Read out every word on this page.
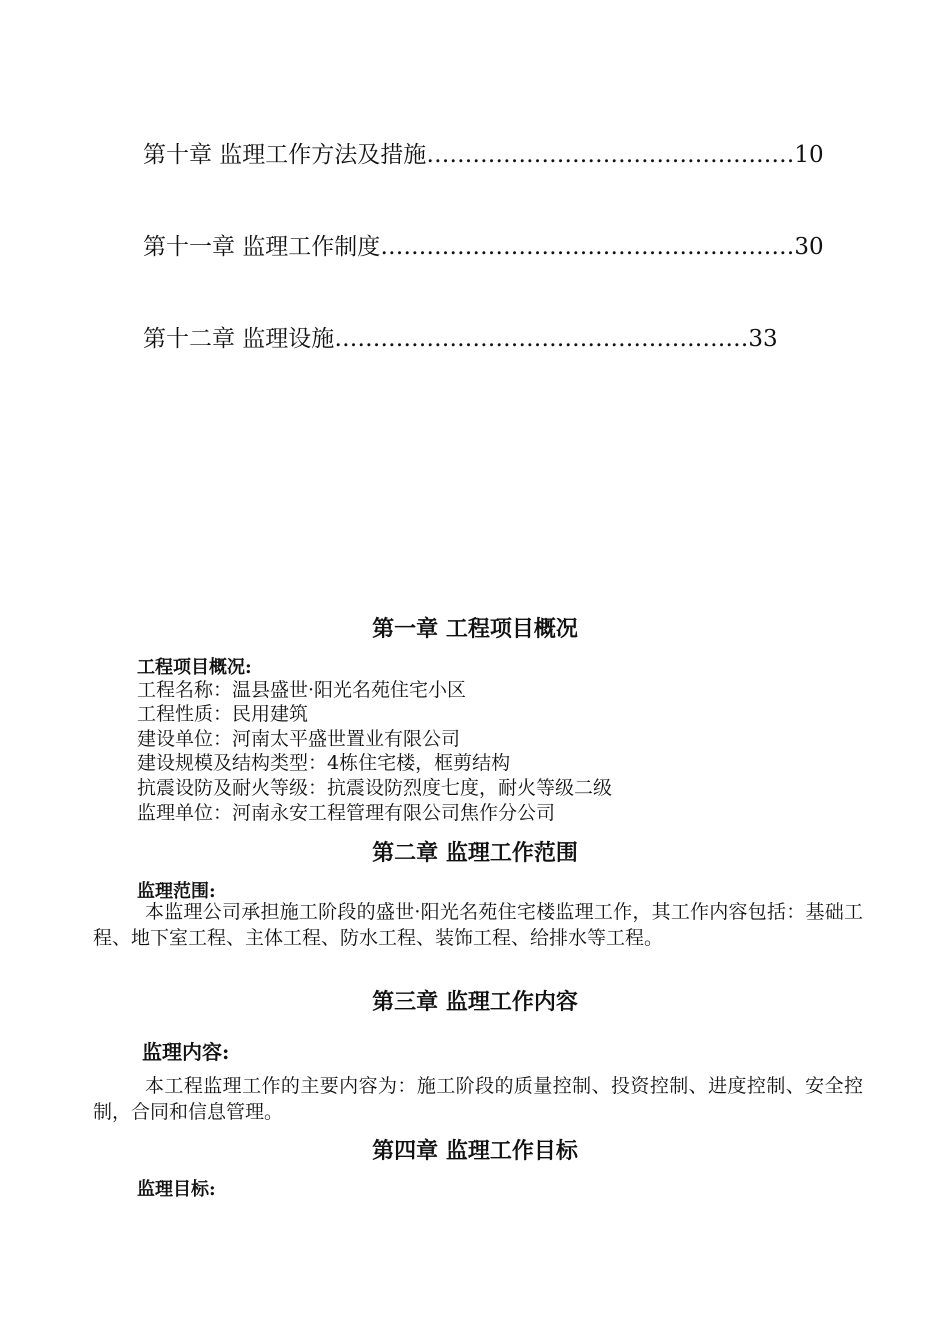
第十章 监理工作方法及措施…………………………………………10
第十一章 监理工作制度………………………………………………30
第十二章 监理设施………………………………………………33
第一章 工程项目概况
工程项目概况:
工程名称：温县盛世·阳光名苑住宅小区
工程性质：民用建筑
建设单位：河南太平盛世置业有限公司
建设规模及结构类型：4栋住宅楼，框剪结构
抗震设防及耐火等级：抗震设防烈度七度，耐火等级二级
监理单位：河南永安工程管理有限公司焦作分公司
第二章 监理工作范围
监理范围:
本监理公司承担施工阶段的盛世·阳光名苑住宅楼监理工作，其工作内容包括：基础工程、地下室工程、主体工程、防水工程、装饰工程、给排水等工程。
第三章 监理工作内容
监理内容:
本工程监理工作的主要内容为：施工阶段的质量控制、投资控制、进度控制、安全控制，合同和信息管理。
第四章 监理工作目标
监理目标:
